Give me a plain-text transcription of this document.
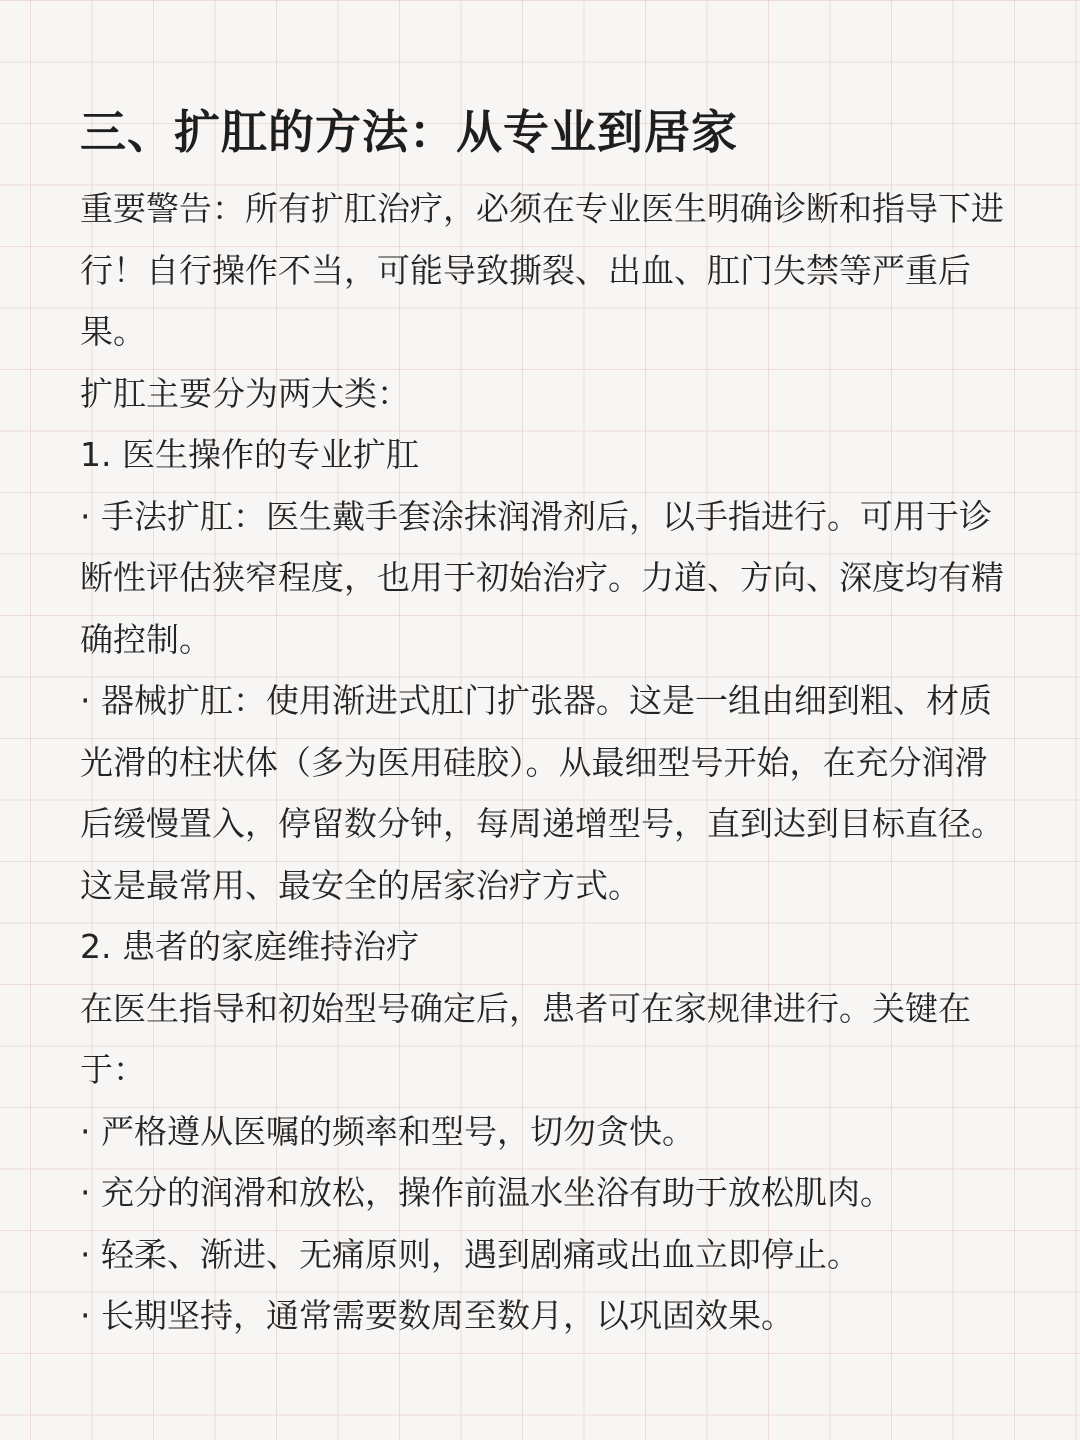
三、扩肛的方法：从专业到居家

重要警告：所有扩肛治疗，必须在专业医生明确诊断和指导下进行！自行操作不当，可能导致撕裂、出血、肛门失禁等严重后果。

扩肛主要分为两大类：

1. 医生操作的专业扩肛

· 手法扩肛：医生戴手套涂抹润滑剂后，以手指进行。可用于诊断性评估狭窄程度，也用于初始治疗。力道、方向、深度均有精确控制。

· 器械扩肛：使用渐进式肛门扩张器。这是一组由细到粗、材质光滑的柱状体（多为医用硅胶）。从最细型号开始，在充分润滑后缓慢置入，停留数分钟，每周递增型号，直到达到目标直径。这是最常用、最安全的居家治疗方式。

2. 患者的家庭维持治疗

在医生指导和初始型号确定后，患者可在家规律进行。关键在于：

· 严格遵从医嘱的频率和型号，切勿贪快。

· 充分的润滑和放松，操作前温水坐浴有助于放松肌肉。

· 轻柔、渐进、无痛原则，遇到剧痛或出血立即停止。

· 长期坚持，通常需要数周至数月，以巩固效果。
